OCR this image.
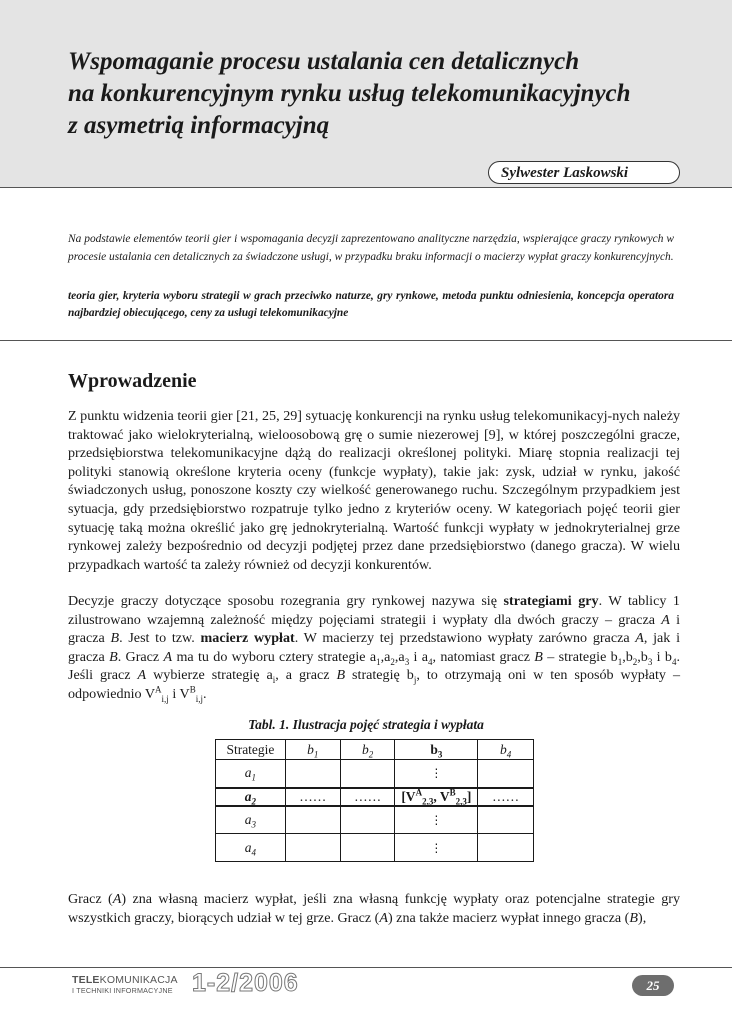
Wspomaganie procesu ustalania cen detalicznych
na konkurencyjnym rynku usług telekomunikacyjnych
z asymetrią informacyjną
Sylwester Laskowski
Na podstawie elementów teorii gier i wspomagania decyzji zaprezentowano analityczne narzędzia, wspierające graczy rynkowych w procesie ustalania cen detalicznych za świadczone usługi, w przypadku braku informacji o macierzy wypłat graczy konkurencyjnych.
teoria gier, kryteria wyboru strategii w grach przeciwko naturze, gry rynkowe, metoda punktu odniesienia, koncepcja operatora najbardziej obiecującego, ceny za usługi telekomunikacyjne
Wprowadzenie
Z punktu widzenia teorii gier [21, 25, 29] sytuację konkurencji na rynku usług telekomunikacyj-nych należy traktować jako wielokryterialną, wieloosobową grę o sumie niezerowej [9], w której poszczególni gracze, przedsiębiorstwa telekomunikacyjne dążą do realizacji określonej polityki. Miarę stopnia realizacji tej polityki stanowią określone kryteria oceny (funkcje wypłaty), takie jak: zysk, udział w rynku, jakość świadczonych usług, ponoszone koszty czy wielkość generowanego ruchu. Szczególnym przypadkiem jest sytuacja, gdy przedsiębiorstwo rozpatruje tylko jedno z kryteriów oceny. W kategoriach pojęć teorii gier sytuację taką można określić jako grę jednokryterialną. Wartość funkcji wypłaty w jednokryterialnej grze rynkowej zależy bezpośrednio od decyzji podjętej przez dane przedsiębiorstwo (danego gracza). W wielu przypadkach wartość ta zależy również od decyzji konkurentów.
Decyzje graczy dotyczące sposobu rozegrania gry rynkowej nazywa się strategiami gry. W tablicy 1 zilustrowano wzajemną zależność między pojęciami strategii i wypłaty dla dwóch graczy – gracza A i gracza B. Jest to tzw. macierz wypłat. W macierzy tej przedstawiono wypłaty zarówno gracza A, jak i gracza B. Gracz A ma tu do wyboru cztery strategie $a_1,a_2,a_3$ i $a_4$, natomiast gracz B – strategie $b_1,b_2,b_3$ i $b_4$. Jeśli gracz A wybierze strategię $a_i$, a gracz B strategię $b_j$, to otrzymają oni w ten sposób wypłaty – odpowiednio $V^A_{i,j}$ i $V^B_{i,j}$.
Tabl. 1. Ilustracja pojęć strategia i wypłata
Strategie	$b_1$	$b_2$	$b_3$	$b_4$
$a_1$			⋮	
$a_2$	……	……	[$V^A_{2,3}$, $V^B_{2,3}$]	……
$a_3$			⋮	
$a_4$			⋮	
Gracz (A) zna własną macierz wypłat, jeśli zna własną funkcję wypłaty oraz potencjalne strategie gry wszystkich graczy, biorących udział w tej grze. Gracz (A) zna także macierz wypłat innego gracza (B),
TELEKOMUNIKACJA
I TECHNIKI INFORMACYJNE 1-2/2006	25
